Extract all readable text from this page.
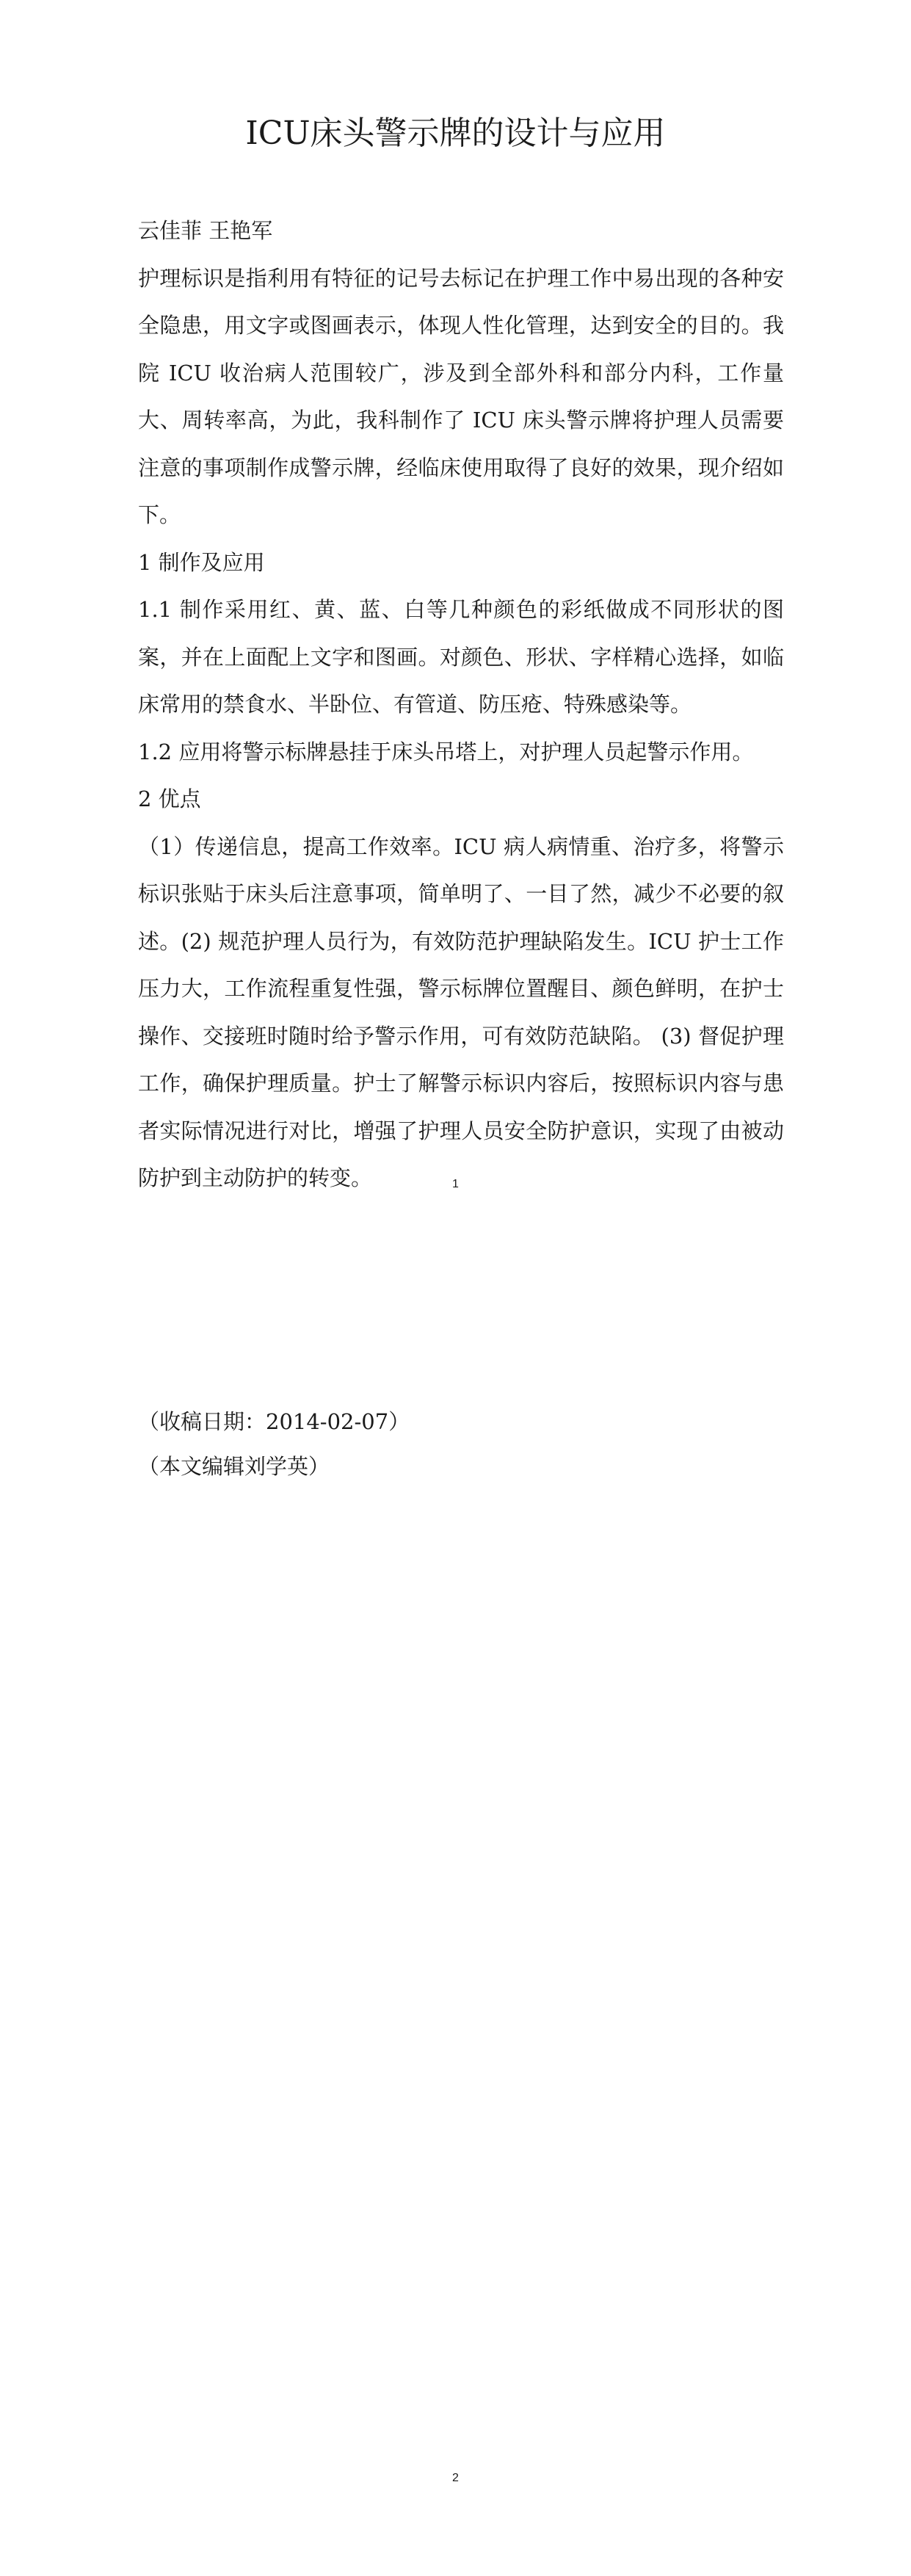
ICU床头警示牌的设计与应用

云佳菲 王艳军

护理标识是指利用有特征的记号去标记在护理工作中易出现的各种安全隐患，用文字或图画表示，体现人性化管理，达到安全的目的。我院 ICU 收治病人范围较广，涉及到全部外科和部分内科，工作量大、周转率高，为此，我科制作了 ICU 床头警示牌将护理人员需要注意的事项制作成警示牌，经临床使用取得了良好的效果，现介绍如下。

1 制作及应用

1.1 制作采用红、黄、蓝、白等几种颜色的彩纸做成不同形状的图案，并在上面配上文字和图画。对颜色、形状、字样精心选择，如临床常用的禁食水、半卧位、有管道、防压疮、特殊感染等。

1.2 应用将警示标牌悬挂于床头吊塔上，对护理人员起警示作用。

2 优点

（1）传递信息，提高工作效率。ICU 病人病情重、治疗多，将警示标识张贴于床头后注意事项，简单明了、一目了然，减少不必要的叙述。(2) 规范护理人员行为，有效防范护理缺陷发生。ICU 护士工作压力大，工作流程重复性强，警示标牌位置醒目、颜色鲜明，在护士操作、交接班时随时给予警示作用，可有效防范缺陷。 (3) 督促护理工作，确保护理质量。护士了解警示标识内容后，按照标识内容与患者实际情况进行对比，增强了护理人员安全防护意识，实现了由被动防护到主动防护的转变。	1

（收稿日期：2014-02-07）

（本文编辑刘学英）

2
